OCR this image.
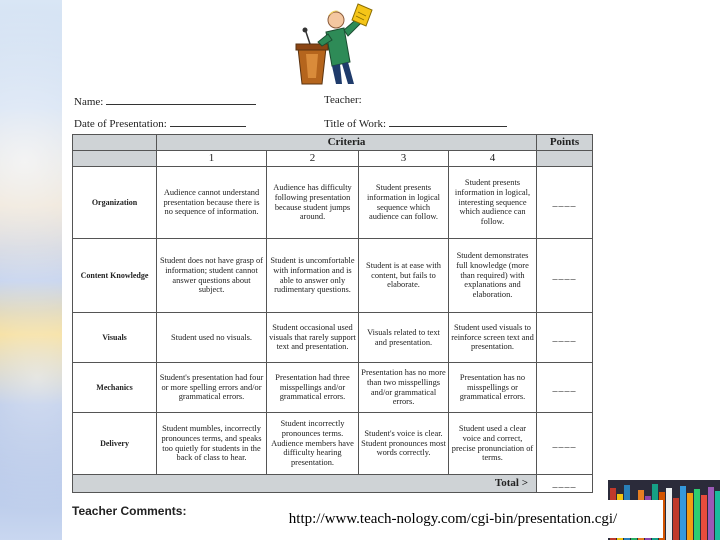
Name:	Teacher:
Date of Presentation:	Title of Work:
	Criteria				Points
	1	2	3	4	
Organization	Audience cannot understand presentation because there is no sequence of information.	Audience has difficulty following presentation because student jumps around.	Student presents information in logical sequence which audience can follow.	Student presents information in logical, interesting sequence which audience can follow.	____
Content Knowledge	Student does not have grasp of information; student cannot answer questions about subject.	Student is uncomfortable with information and is able to answer only rudimentary questions.	Student is at ease with content, but fails to elaborate.	Student demonstrates full knowledge (more than required) with explanations and elaboration.	____
Visuals	Student used no visuals.	Student occasional used visuals that rarely support text and presentation.	Visuals related to text and presentation.	Student used visuals to reinforce screen text and presentation.	____
Mechanics	Student's presentation had four or more spelling errors and/or grammatical errors.	Presentation had three misspellings and/or grammatical errors.	Presentation has no more than two misspellings and/or grammatical errors.	Presentation has no misspellings or grammatical errors.	____
Delivery	Student mumbles, incorrectly pronounces terms, and speaks too quietly for students in the back of class to hear.	Student incorrectly pronounces terms. Audience members have difficulty hearing presentation.	Student's voice is clear. Student pronounces most words correctly.	Student used a clear voice and correct, precise pronunciation of terms.	____
Total >					____
Teacher Comments:	http://www.teach-nology.com/cgi-bin/presentation.cgi/
